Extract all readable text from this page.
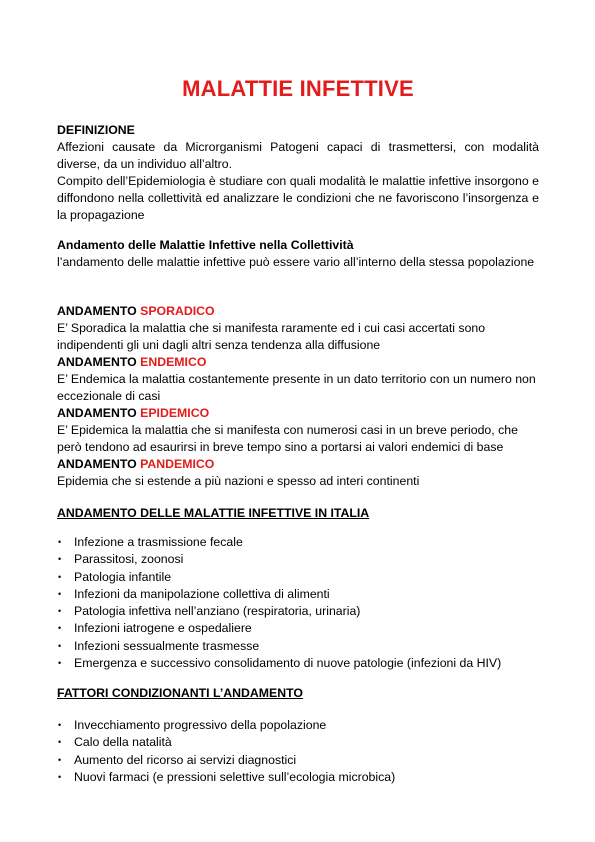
MALATTIE INFETTIVE

DEFINIZIONE

Affezioni causate da Microrganismi Patogeni capaci di trasmettersi, con modalità diverse, da un individuo all’altro.

Compito dell’Epidemiologia è studiare con quali modalità le malattie infettive insorgono e diffondono nella collettività ed analizzare le condizioni che ne favoriscono l’insorgenza e la propagazione

Andamento delle Malattie Infettive nella Collettività

l’andamento delle malattie infettive può essere vario all’interno della stessa popolazione

ANDAMENTO SPORADICO

E’ Sporadica la malattia che si manifesta raramente ed i cui casi accertati sono indipendenti gli uni dagli altri senza tendenza alla diffusione

ANDAMENTO ENDEMICO

E’ Endemica la malattia costantemente presente in un dato territorio con un numero non eccezionale di casi

ANDAMENTO EPIDEMICO

E’ Epidemica la malattia che si manifesta con numerosi casi in un breve periodo, che però tendono ad esaurirsi in breve tempo sino a portarsi ai valori endemici di base

ANDAMENTO PANDEMICO

Epidemia che si estende a più nazioni e spesso ad interi continenti

ANDAMENTO DELLE MALATTIE INFETTIVE IN ITALIA

• Infezione a trasmissione fecale
• Parassitosi, zoonosi
• Patologia infantile
• Infezioni da manipolazione collettiva di alimenti
• Patologia infettiva nell’anziano (respiratoria, urinaria)
• Infezioni iatrogene e ospedaliere
• Infezioni sessualmente trasmesse
• Emergenza e successivo consolidamento di nuove patologie (infezioni da HIV)

FATTORI CONDIZIONANTI L’ANDAMENTO

• Invecchiamento progressivo della popolazione
• Calo della natalità
• Aumento del ricorso ai servizi diagnostici
• Nuovi farmaci (e pressioni selettive sull’ecologia microbica)
